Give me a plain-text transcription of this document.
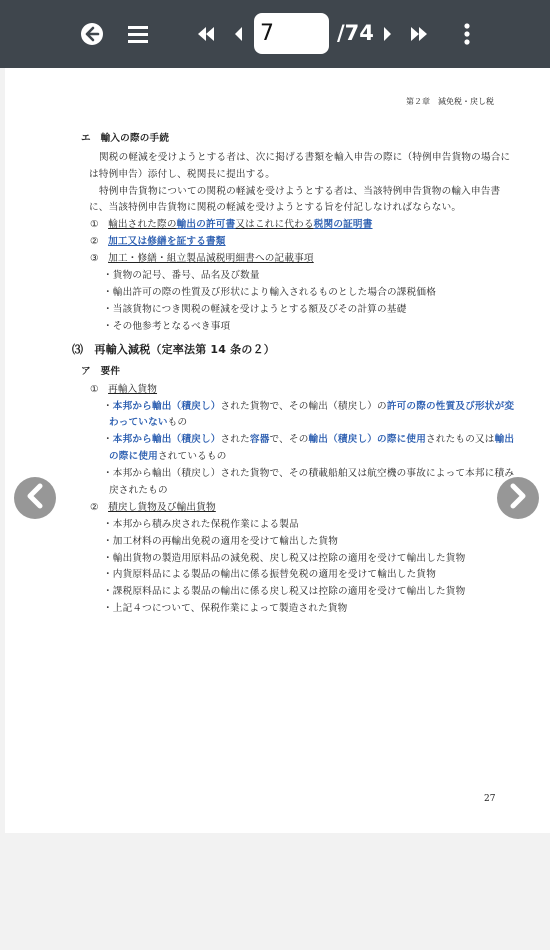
7
/74
第２章　減免税・戻し税
エ　輸入の際の手続
関税の軽減を受けようとする者は、次に掲げる書類を輸入申告の際に（特例申告貨物の場合に
は特例申告）添付し、税関長に提出する。
特例申告貨物についての関税の軽減を受けようとする者は、当該特例申告貨物の輸入申告書
に、当該特例申告貨物に関税の軽減を受けようとする旨を付記しなければならない。
① 輸出された際の輸出の許可書又はこれに代わる税関の証明書
② 加工又は修繕を証する書類
③ 加工・修繕・組立製品減税明細書への記載事項
・貨物の記号、番号、品名及び数量
・輸出許可の際の性質及び形状により輸入されるものとした場合の課税価格
・当該貨物につき関税の軽減を受けようとする額及びその計算の基礎
・その他参考となるべき事項
⑶　再輸入減税（定率法第 14 条の２）
ア　要件
① 再輸入貨物
・本邦から輸出（積戻し）された貨物で、その輸出（積戻し）の許可の際の性質及び形状が変
わっていないもの
・本邦から輸出（積戻し）された容器で、その輸出（積戻し）の際に使用されたもの又は輸出
の際に使用されているもの
・本邦から輸出（積戻し）された貨物で、その積載船舶又は航空機の事故によって本邦に積み
戻されたもの
② 積戻し貨物及び輸出貨物
・本邦から積み戻された保税作業による製品
・加工材料の再輸出免税の適用を受けて輸出した貨物
・輸出貨物の製造用原料品の減免税、戻し税又は控除の適用を受けて輸出した貨物
・内貨原料品による製品の輸出に係る振替免税の適用を受けて輸出した貨物
・課税原料品による製品の輸出に係る戻し税又は控除の適用を受けて輸出した貨物
・上記４つについて、保税作業によって製造された貨物
27
